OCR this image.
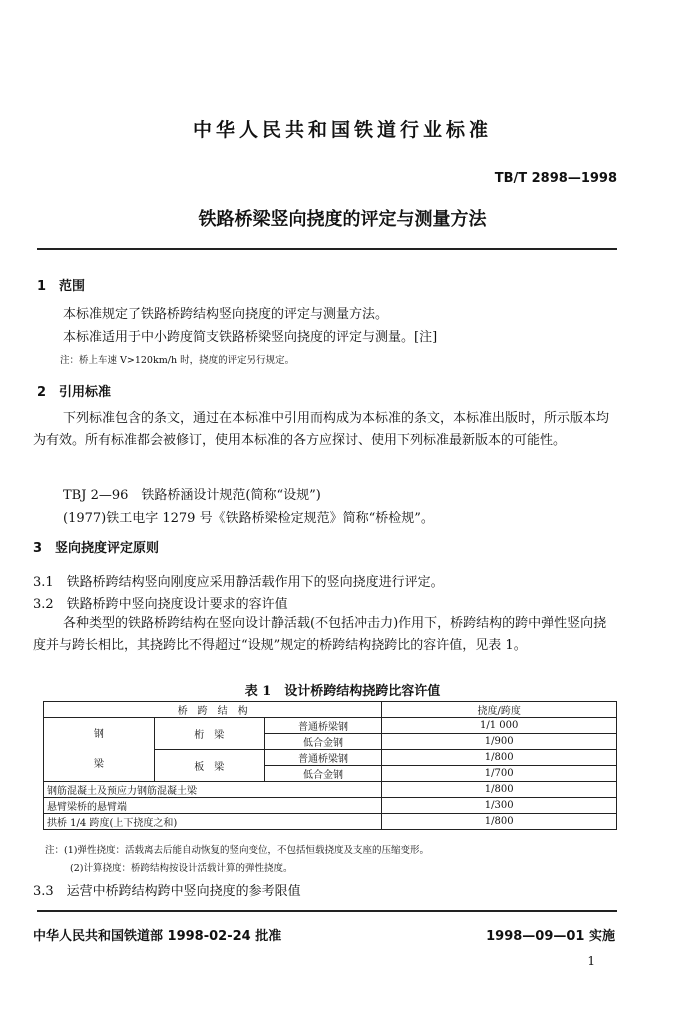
中华人民共和国铁道行业标准
TB/T 2898—1998
铁路桥梁竖向挠度的评定与测量方法
1　范围
本标准规定了铁路桥跨结构竖向挠度的评定与测量方法。
本标准适用于中小跨度简支铁路桥梁竖向挠度的评定与测量。[注]
注：桥上车速 V>120km/h 时，挠度的评定另行规定。
2　引用标准
下列标准包含的条文，通过在本标准中引用而构成为本标准的条文，本标准出版时，所示版本均为有效。所有标准都会被修订，使用本标准的各方应探讨、使用下列标准最新版本的可能性。
TBJ 2—96　铁路桥涵设计规范(简称“设规”)
(1977)铁工电字 1279 号《铁路桥梁检定规范》简称“桥检规”。
3　竖向挠度评定原则
3.1　铁路桥跨结构竖向刚度应采用静活载作用下的竖向挠度进行评定。
3.2　铁路桥跨中竖向挠度设计要求的容许值
各种类型的铁路桥跨结构在竖向设计静活载(不包括冲击力)作用下，桥跨结构的跨中弹性竖向挠度并与跨长相比，其挠跨比不得超过“设规”规定的桥跨结构挠跨比的容许值，见表 1。
表 1　设计桥跨结构挠跨比容许值
桥　跨　结　构			挠度/跨度

钢
梁	桁　梁	普通桥梁钢	1/1 000
		低合金钢	1/900
	板　梁	普通桥梁钢	1/800
		低合金钢	1/700
钢筋混凝土及预应力钢筋混凝土梁			1/800
悬臂梁桥的悬臂端			1/300
拱桥 1/4 跨度(上下挠度之和)			1/800
注：(1)弹性挠度：活载离去后能自动恢复的竖向变位，不包括恒载挠度及支座的压缩变形。
(2)计算挠度：桥跨结构按设计活载计算的弹性挠度。
3.3　运营中桥跨结构跨中竖向挠度的参考限值
中华人民共和国铁道部 1998-02-24 批准	1998—09—01 实施
1
